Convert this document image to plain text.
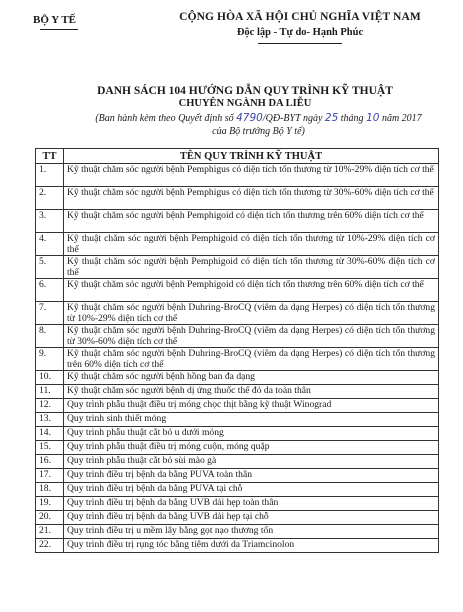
BỘ Y TẾ	CỘNG HÒA XÃ HỘI CHỦ NGHĨA VIỆT NAM
Độc lập - Tự do- Hạnh Phúc
DANH SÁCH 104 HƯỚNG DẪN QUY TRÌNH KỸ THUẬT
CHUYÊN NGÀNH DA LIỄU
(Ban hành kèm theo Quyết định số 4790/QĐ-BYT ngày 25 tháng 10 năm 2017
của Bộ trưởng Bộ Y tế)
TT	TÊN QUY TRÌNH KỸ THUẬT
1.	Kỹ thuật chăm sóc người bệnh Pemphigus có diện tích tổn thương từ 10%-29% diện tích cơ thể
2.	Kỹ thuật chăm sóc người bệnh Pemphigus có diện tích tổn thương từ 30%-60% diện tích cơ thể
3.	Kỹ thuật chăm sóc người bệnh Pemphigoid có diện tích tổn thương trên 60% diện tích cơ thể
4.	Kỹ thuật chăm sóc người bệnh Pemphigoid có diện tích tổn thương từ 10%-29% diện tích cơ thể
5.	Kỹ thuật chăm sóc người bệnh Pemphigoid có diện tích tổn thương từ 30%-60% diện tích cơ thể
6.	Kỹ thuật chăm sóc người bệnh Pemphigoid có diện tích tổn thương trên 60% diện tích cơ thể
7.	Kỹ thuật chăm sóc người bệnh Duhring-BroCQ (viêm da dạng Herpes) có diện tích tổn thương từ 10%-29% diện tích cơ thể
8.	Kỹ thuật chăm sóc người bệnh Duhring-BroCQ (viêm da dạng Herpes) có diện tích tổn thương từ 30%-60% diện tích cơ thể
9.	Kỹ thuật chăm sóc người bệnh Duhring-BroCQ (viêm da dạng Herpes) có diện tích tổn thương trên 60% diện tích cơ thể
10.	Kỹ thuật chăm sóc người bệnh hồng ban đa dạng
11.	Kỹ thuật chăm sóc người bệnh dị ứng thuốc thể đỏ da toàn thân
12.	Quy trình phẫu thuật điều trị móng chọc thịt bằng kỹ thuật Winograd
13.	Quy trình sinh thiết móng
14.	Quy trình phẫu thuật cắt bỏ u dưới móng
15.	Quy trình phẫu thuật điều trị móng cuộn, móng quặp
16.	Quy trình phẫu thuật cắt bỏ sùi mào gà
17.	Quy trình điều trị bệnh da bằng PUVA toàn thân
18.	Quy trình điều trị bệnh da bằng PUVA tại chỗ
19.	Quy trình điều trị bệnh da bằng UVB dải hẹp toàn thân
20.	Quy trình điều trị bệnh da bằng UVB dải hẹp tại chỗ
21.	Quy trình điều trị u mềm lây bằng gọt nạo thương tổn
22.	Quy trình điều trị rụng tóc bằng tiêm dưới da Triamcinolon
